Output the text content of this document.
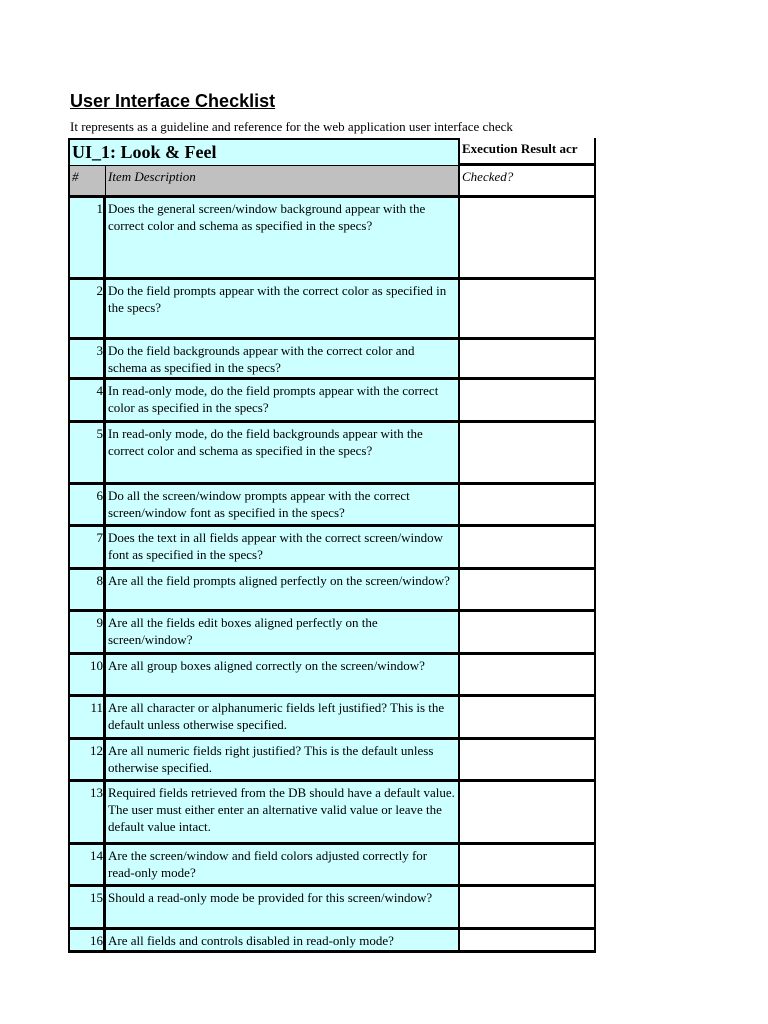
User Interface Checklist
It represents as a guideline and reference for the web application user interface check
UI_1: Look & Feel	Execution Result acr
#	Item Description	Checked?
1 Does the general screen/window background appear with the correct color and schema as specified in the specs?
2 Do the field prompts appear with the correct color as specified in the specs?
3 Do the field backgrounds appear with the correct color and schema as specified in the specs?
4 In read-only mode, do the field prompts appear with the correct color as specified in the specs?
5 In read-only mode, do the field backgrounds appear with the correct color and schema as specified in the specs?
6 Do all the screen/window prompts appear with the correct screen/window font as specified in the specs?
7 Does the text in all fields appear with the correct screen/window font as specified in the specs?
8 Are all the field prompts aligned perfectly on the screen/window?
9 Are all the fields edit boxes aligned perfectly on the screen/window?
10 Are all group boxes aligned correctly on the screen/window?
11 Are all character or alphanumeric fields left justified? This is the default unless otherwise specified.
12 Are all numeric fields right justified? This is the default unless otherwise specified.
13 Required fields retrieved from the DB should have a default value. The user must either enter an alternative valid value or leave the default value intact.
14 Are the screen/window and field colors adjusted correctly for read-only mode?
15 Should a read-only mode be provided for this screen/window?
16 Are all fields and controls disabled in read-only mode?
